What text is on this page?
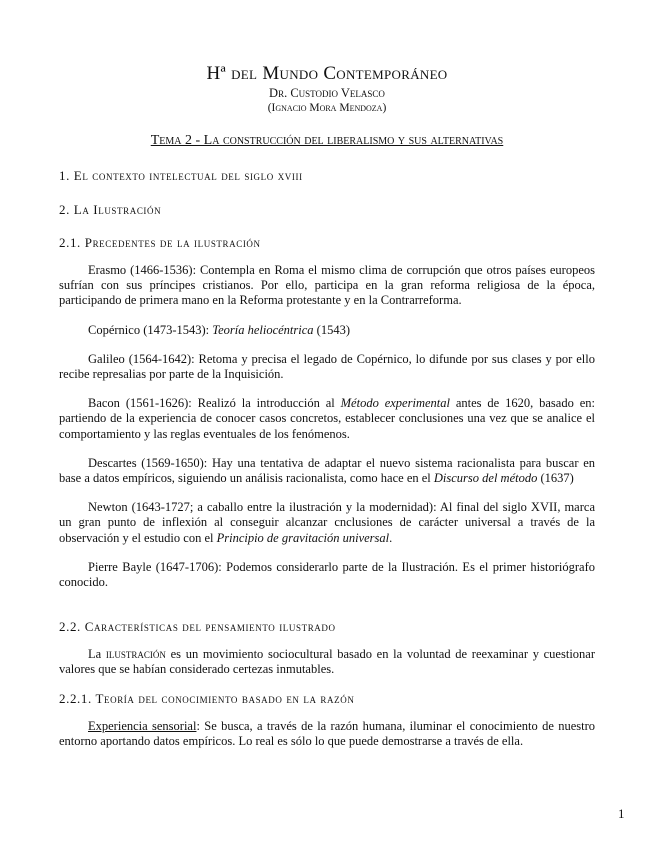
Hª del Mundo Contemporáneo
Dr. Custodio Velasco
(Ignacio Mora Mendoza)
Tema 2 - La construcción del liberalismo y sus alternativas
1. El contexto intelectual del siglo xviii
2. La Ilustración
2.1. Precedentes de la ilustración

Erasmo (1466-1536): Contempla en Roma el mismo clima de corrupción que otros países europeos sufrían con sus príncipes cristianos. Por ello, participa en la gran reforma religiosa de la época, participando de primera mano en la Reforma protestante y en la Contrarreforma.

Copérnico (1473-1543): Teoría heliocéntrica (1543)

Galileo (1564-1642): Retoma y precisa el legado de Copérnico, lo difunde por sus clases y por ello recibe represalias por parte de la Inquisición.

Bacon (1561-1626): Realizó la introducción al Método experimental antes de 1620, basado en: partiendo de la experiencia de conocer casos concretos, establecer conclusiones una vez que se analice el comportamiento y las reglas eventuales de los fenómenos.

Descartes (1569-1650): Hay una tentativa de adaptar el nuevo sistema racionalista para buscar en base a datos empíricos, siguiendo un análisis racionalista, como hace en el Discurso del método (1637)

Newton (1643-1727; a caballo entre la ilustración y la modernidad): Al final del siglo XVII, marca un gran punto de inflexión al conseguir alcanzar cnclusiones de carácter universal a través de la observación y el estudio con el Principio de gravitación universal.

Pierre Bayle (1647-1706): Podemos considerarlo parte de la Ilustración. Es el primer historiógrafo conocido.

2.2. Características del pensamiento ilustrado

La ilustración es un movimiento sociocultural basado en la voluntad de reexaminar y cuestionar valores que se habían considerado certezas inmutables.

2.2.1. Teoría del conocimiento basado en la razón

Experiencia sensorial: Se busca, a través de la razón humana, iluminar el conocimiento de nuestro entorno aportando datos empíricos. Lo real es sólo lo que puede demostrarse a través de ella.

1
